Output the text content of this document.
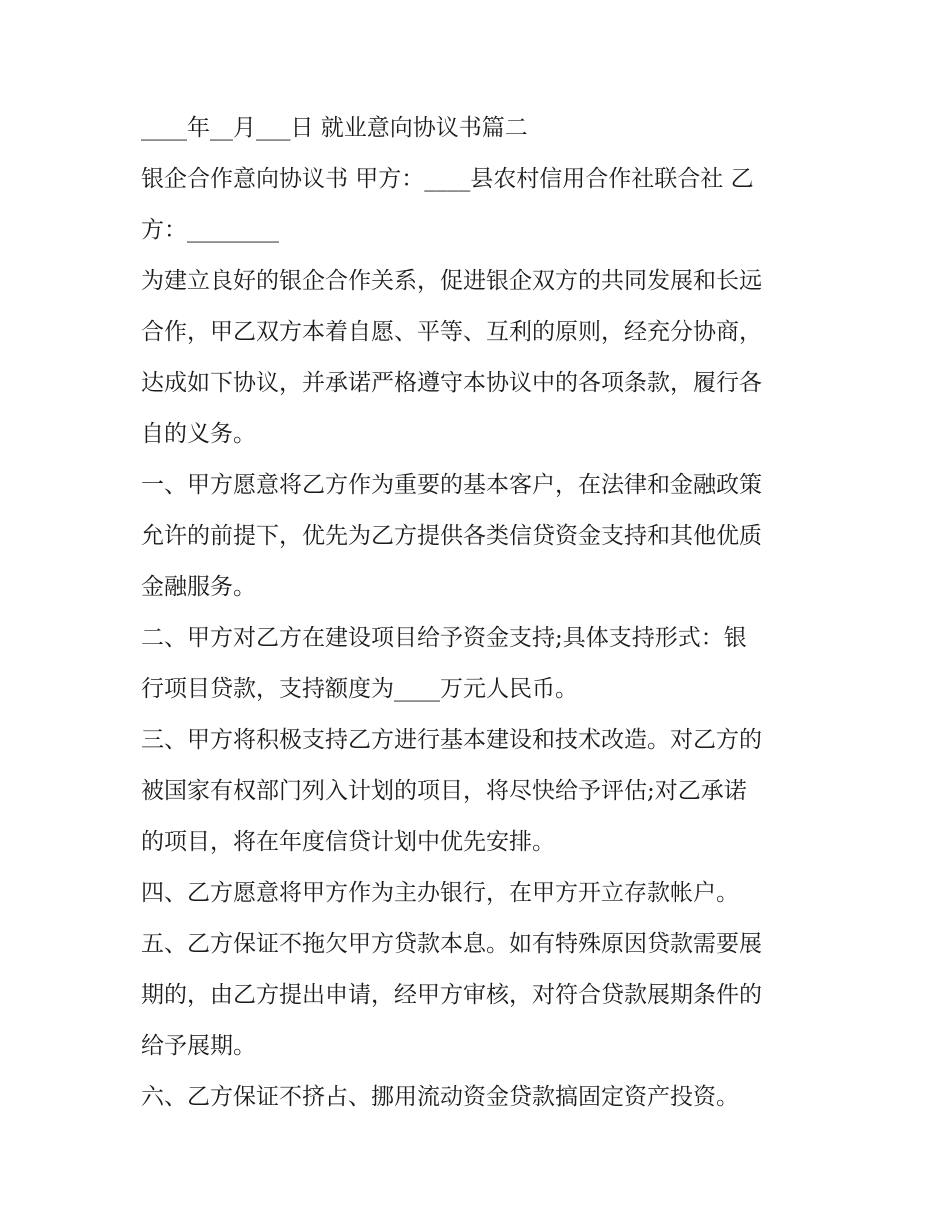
____年__月___日 就业意向协议书篇二
银企合作意向协议书 甲方：____县农村信用合作社联合社 乙
方：________
为建立良好的银企合作关系，促进银企双方的共同发展和长远
合作，甲乙双方本着自愿、平等、互利的原则，经充分协商，
达成如下协议，并承诺严格遵守本协议中的各项条款，履行各
自的义务。
一、甲方愿意将乙方作为重要的基本客户，在法律和金融政策
允许的前提下，优先为乙方提供各类信贷资金支持和其他优质
金融服务。
二、甲方对乙方在建设项目给予资金支持;具体支持形式：银
行项目贷款，支持额度为____万元人民币。
三、甲方将积极支持乙方进行基本建设和技术改造。对乙方的
被国家有权部门列入计划的项目，将尽快给予评估;对乙承诺
的项目，将在年度信贷计划中优先安排。
四、乙方愿意将甲方作为主办银行，在甲方开立存款帐户。
五、乙方保证不拖欠甲方贷款本息。如有特殊原因贷款需要展
期的，由乙方提出申请，经甲方审核，对符合贷款展期条件的
给予展期。
六、乙方保证不挤占、挪用流动资金贷款搞固定资产投资。
